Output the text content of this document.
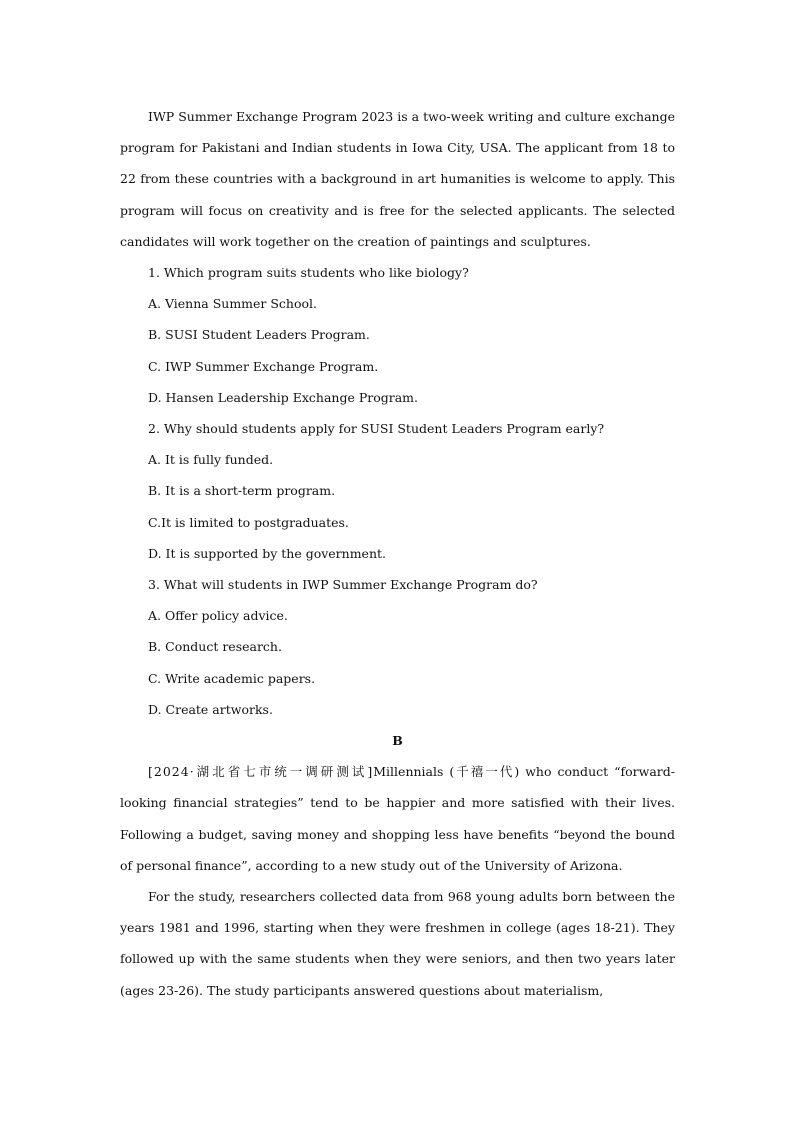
IWP Summer Exchange Program 2023 is a two-week writing and culture exchange program for Pakistani and Indian students in Iowa City, USA. The applicant from 18 to 22 from these countries with a background in art humanities is welcome to apply. This program will focus on creativity and is free for the selected applicants. The selected candidates will work together on the creation of paintings and sculptures.

1. Which program suits students who like biology?

A. Vienna Summer School.

B. SUSI Student Leaders Program.

C. IWP Summer Exchange Program.

D. Hansen Leadership Exchange Program.

2. Why should students apply for SUSI Student Leaders Program early?

A. It is fully funded.

B. It is a short-term program.

C.It is limited to postgraduates.

D. It is supported by the government.

3. What will students in IWP Summer Exchange Program do?

A. Offer policy advice.

B. Conduct research.

C. Write academic papers.

D. Create artworks.

B

[2024·湖北省七市统一调研测试]Millennials (千禧一代) who conduct “forward-looking financial strategies” tend to be happier and more satisfied with their lives. Following a budget, saving money and shopping less have benefits “beyond the bound of personal finance”, according to a new study out of the University of Arizona.

For the study, researchers collected data from 968 young adults born between the years 1981 and 1996, starting when they were freshmen in college (ages 18-21). They followed up with the same students when they were seniors, and then two years later (ages 23-26). The study participants answered questions about materialism,
